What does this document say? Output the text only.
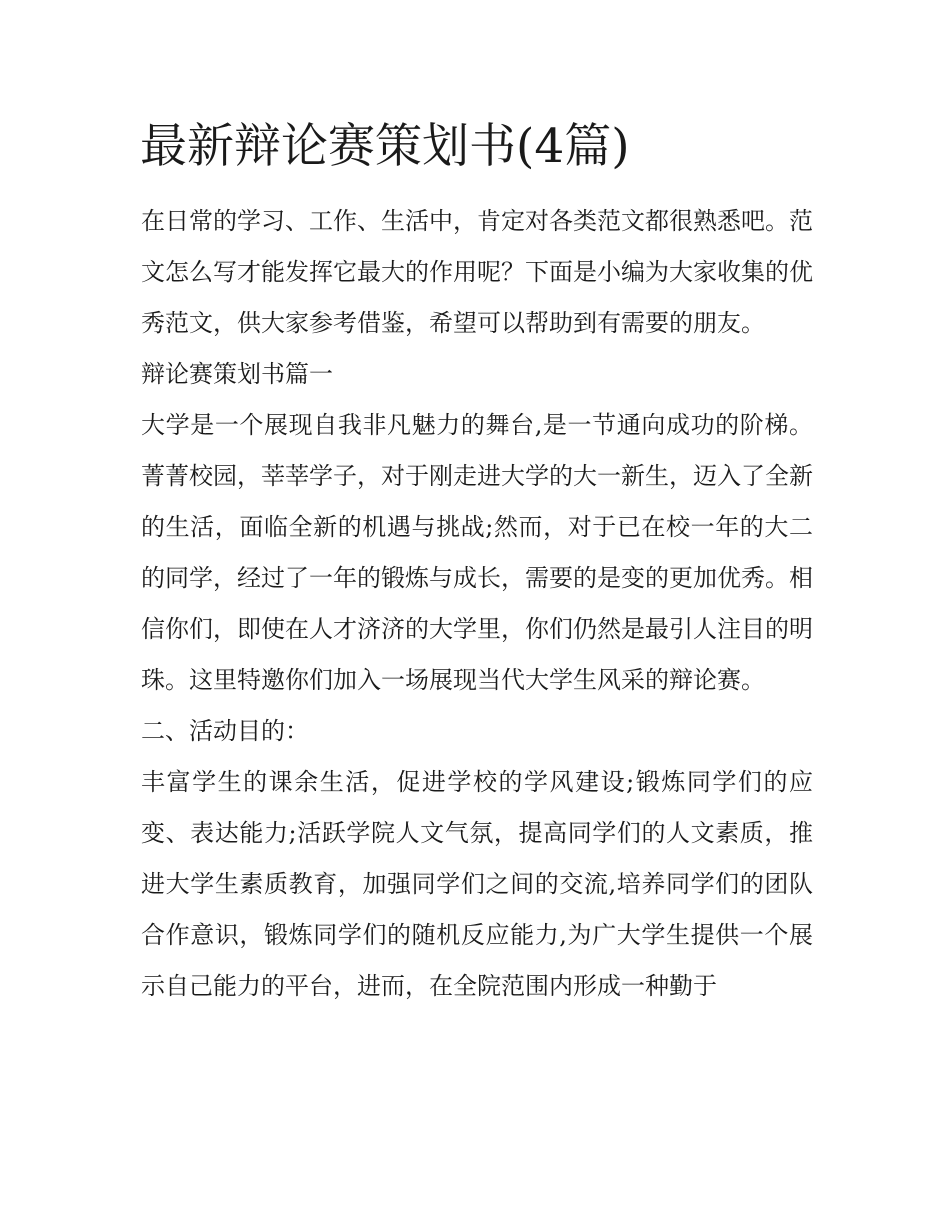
最新辩论赛策划书(4篇)

在日常的学习、工作、生活中，肯定对各类范文都很熟悉吧。范文怎么写才能发挥它最大的作用呢？下面是小编为大家收集的优秀范文，供大家参考借鉴，希望可以帮助到有需要的朋友。

辩论赛策划书篇一

大学是一个展现自我非凡魅力的舞台,是一节通向成功的阶梯。菁菁校园，莘莘学子，对于刚走进大学的大一新生，迈入了全新的生活，面临全新的机遇与挑战;然而，对于已在校一年的大二的同学，经过了一年的锻炼与成长，需要的是变的更加优秀。相信你们，即使在人才济济的大学里，你们仍然是最引人注目的明珠。这里特邀你们加入一场展现当代大学生风采的辩论赛。

二、活动目的：

丰富学生的课余生活，促进学校的学风建设;锻炼同学们的应变、表达能力;活跃学院人文气氛，提高同学们的人文素质，推进大学生素质教育，加强同学们之间的交流,培养同学们的团队合作意识，锻炼同学们的随机反应能力,为广大学生提供一个展示自己能力的平台，进而，在全院范围内形成一种勤于
